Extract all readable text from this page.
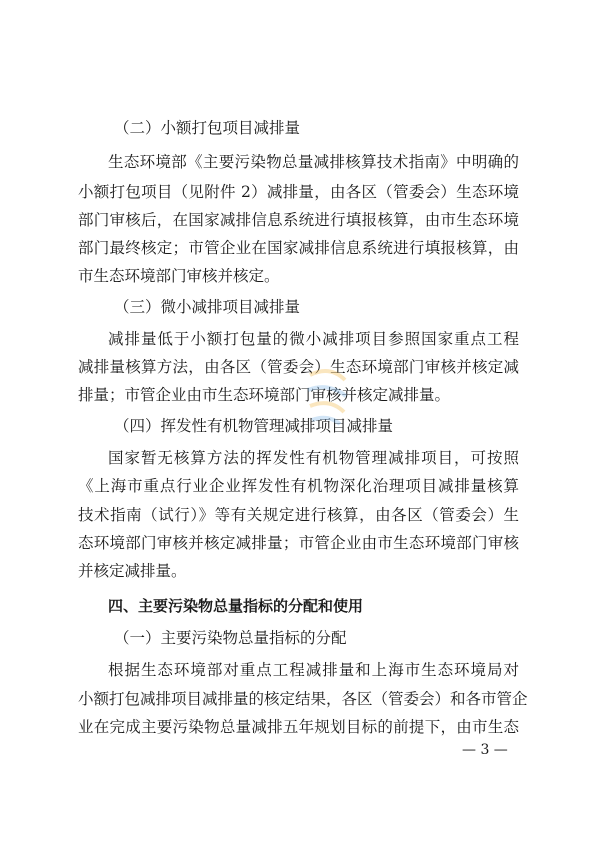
（二）小额打包项目减排量
生态环境部《主要污染物总量减排核算技术指南》中明确的
小额打包项目（见附件 2）减排量，由各区（管委会）生态环境
部门审核后，在国家减排信息系统进行填报核算，由市生态环境
部门最终核定；市管企业在国家减排信息系统进行填报核算，由
市生态环境部门审核并核定。
（三）微小减排项目减排量
减排量低于小额打包量的微小减排项目参照国家重点工程
减排量核算方法，由各区（管委会）生态环境部门审核并核定减
排量；市管企业由市生态环境部门审核并核定减排量。
（四）挥发性有机物管理减排项目减排量
国家暂无核算方法的挥发性有机物管理减排项目，可按照
《上海市重点行业企业挥发性有机物深化治理项目减排量核算
技术指南（试行）》等有关规定进行核算，由各区（管委会）生
态环境部门审核并核定减排量；市管企业由市生态环境部门审核
并核定减排量。
四、主要污染物总量指标的分配和使用
（一）主要污染物总量指标的分配
根据生态环境部对重点工程减排量和上海市生态环境局对
小额打包减排项目减排量的核定结果，各区（管委会）和各市管企
业在完成主要污染物总量减排五年规划目标的前提下，由市生态
— 3 —
